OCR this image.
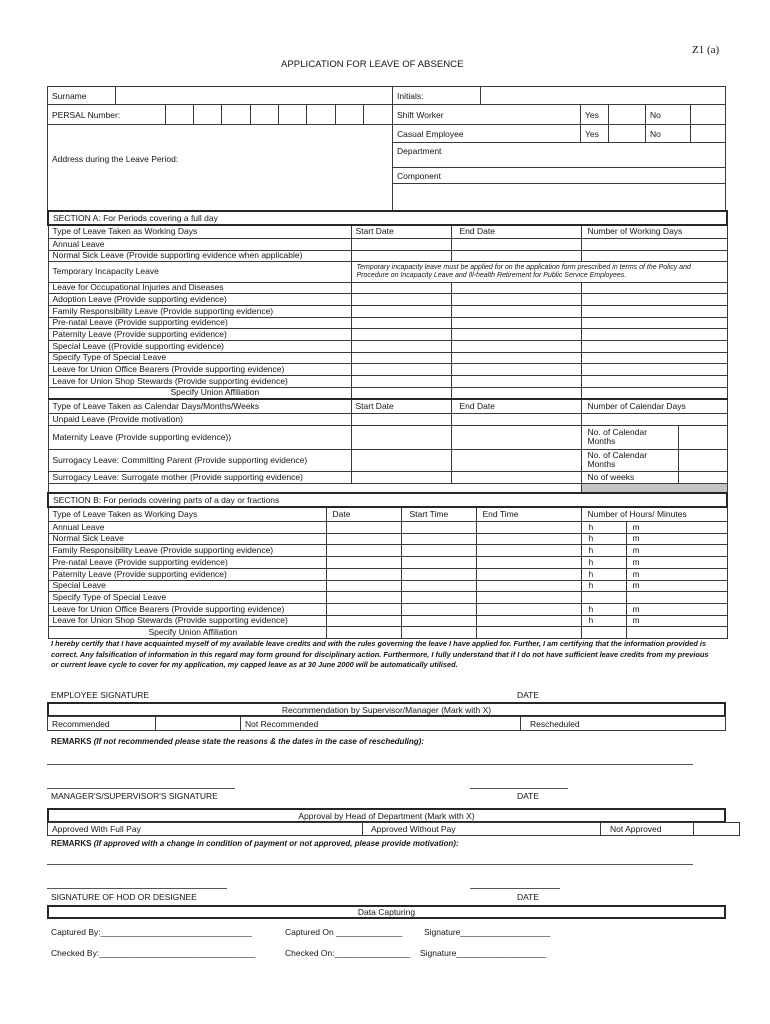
Z1 (a)
APPLICATION FOR LEAVE OF ABSENCE
Surname	Initials:
PERSAL Number:
Address during the Leave Period:
Shift Worker	Yes	No
Casual Employee	Yes	No
Department
Component
SECTION A: For Periods covering a full day				
Type of Leave Taken as Working Days	Start Date	End Date	Number of Working Days	
Annual Leave				
Normal Sick Leave (Provide supporting evidence when applicable)				
Temporary Incapacity Leave	Temporary incapacity leave must be applied for on the application form prescribed in terms of the Policy and Procedure on Incapacity Leave and Ill-health Retirement for Public Service Employees.			
Leave for Occupational Injuries and Diseases				
Adoption Leave (Provide supporting evidence)				
Family Responsibility Leave (Provide supporting evidence)				
Pre-natal Leave (Provide supporting evidence)				
Paternity Leave (Provide supporting evidence)				
Special Leave ((Provide supporting evidence)				
Specify Type of Special Leave				
Leave for Union Office Bearers (Provide supporting evidence)				
Leave for Union Shop Stewards (Provide supporting evidence)				
Specify Union Affiliation				
Type of Leave Taken as Calendar Days/Months/Weeks	Start Date	End Date	Number of Calendar Days	
Unpaid Leave (Provide motivation)				
Maternity Leave (Provide supporting evidence))			No. of Calendar Months	
Surrogacy Leave: Committing Parent (Provide supporting evidence)			No. of Calendar Months	
Surrogacy Leave: Surrogate mother (Provide supporting evidence)			No of weeks	

SECTION B: For periods covering parts of a day or fractions					
Type of Leave Taken as Working Days	Date	Start Time	End Time	Number of Hours/ Minutes	
Annual Leave				h	m
Normal Sick Leave				h	m
Family Responsibility Leave (Provide supporting evidence)				h	m
Pre-natal Leave (Provide supporting evidence)				h	m
Paternity Leave (Provide supporting evidence)				h	m
Special Leave				h	m
Specify Type of Special Leave					
Leave for Union Office Bearers (Provide supporting evidence)				h	m
Leave for Union Shop Stewards (Provide supporting evidence)				h	m
Specify Union Affiliation					
I hereby certify that I have acquainted myself of my available leave credits and with the rules governing the leave I have applied for. Further, I am certifying that the information provided is correct. Any falsification of information in this regard may form ground for disciplinary action. Furthermore, I fully understand that if I do not have sufficient leave credits from my previous or current leave cycle to cover for my application, my capped leave as at 30 June 2000 will be automatically utilised.
EMPLOYEE SIGNATURE	DATE
Recommendation by Supervisor/Manager (Mark with X)
Recommended	Not Recommended	Rescheduled
REMARKS (If not recommended please state the reasons & the dates in the case of rescheduling):
MANAGER'S/SUPERVISOR'S SIGNATURE	DATE
Approval by Head of Department (Mark with X)
Approved With Full Pay	Approved Without Pay	Not Approved
REMARKS (If approved with a change in condition of payment or not approved, please provide motivation):
SIGNATURE OF HOD OR DESIGNEE	DATE
Data Capturing
Captured By:________________________________	Captured On ______________	Signature___________________
Checked By:_________________________________	Checked On:________________ Signature___________________
